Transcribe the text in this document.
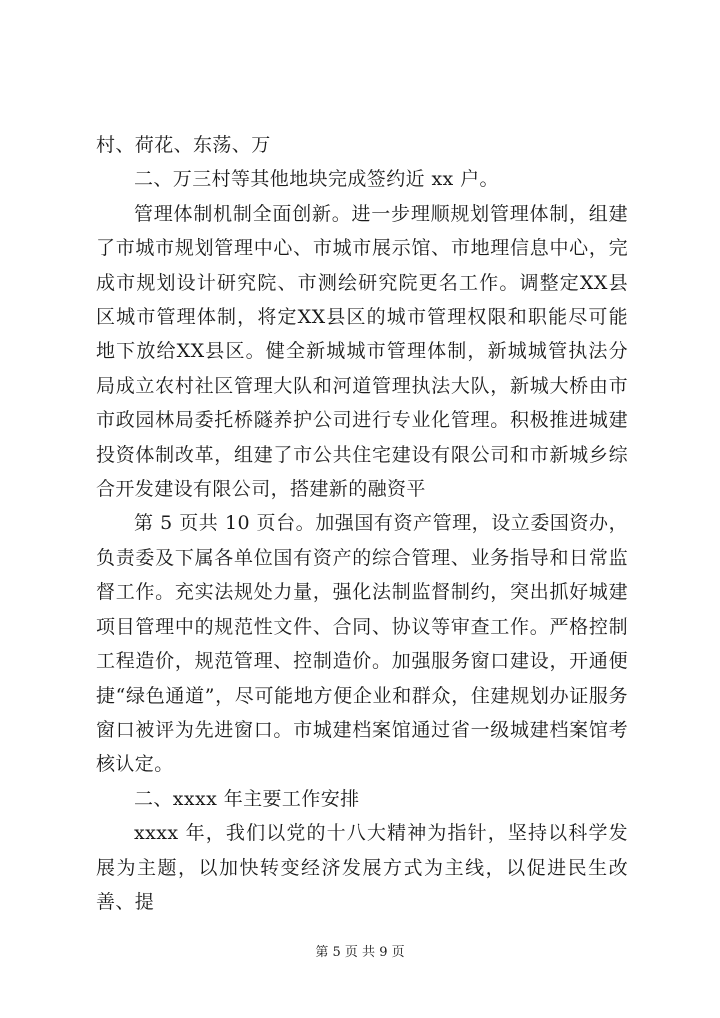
村、荷花、东荡、万

二、万三村等其他地块完成签约近 xx 户。

管理体制机制全面创新。进一步理顺规划管理体制，组建了市城市规划管理中心、市城市展示馆、市地理信息中心，完成市规划设计研究院、市测绘研究院更名工作。调整定XX县区城市管理体制，将定XX县区的城市管理权限和职能尽可能地下放给XX县区。健全新城城市管理体制，新城城管执法分局成立农村社区管理大队和河道管理执法大队，新城大桥由市市政园林局委托桥隧养护公司进行专业化管理。积极推进城建投资体制改革，组建了市公共住宅建设有限公司和市新城乡综合开发建设有限公司，搭建新的融资平

第 5 页共 10 页台。加强国有资产管理，设立委国资办，负责委及下属各单位国有资产的综合管理、业务指导和日常监督工作。充实法规处力量，强化法制监督制约，突出抓好城建项目管理中的规范性文件、合同、协议等审查工作。严格控制工程造价，规范管理、控制造价。加强服务窗口建设，开通便捷“绿色通道”，尽可能地方便企业和群众，住建规划办证服务窗口被评为先进窗口。市城建档案馆通过省一级城建档案馆考核认定。

二、xxxx 年主要工作安排

xxxx 年，我们以党的十八大精神为指针，坚持以科学发展为主题，以加快转变经济发展方式为主线，以促进民生改善、提

第 5 页 共 9 页
